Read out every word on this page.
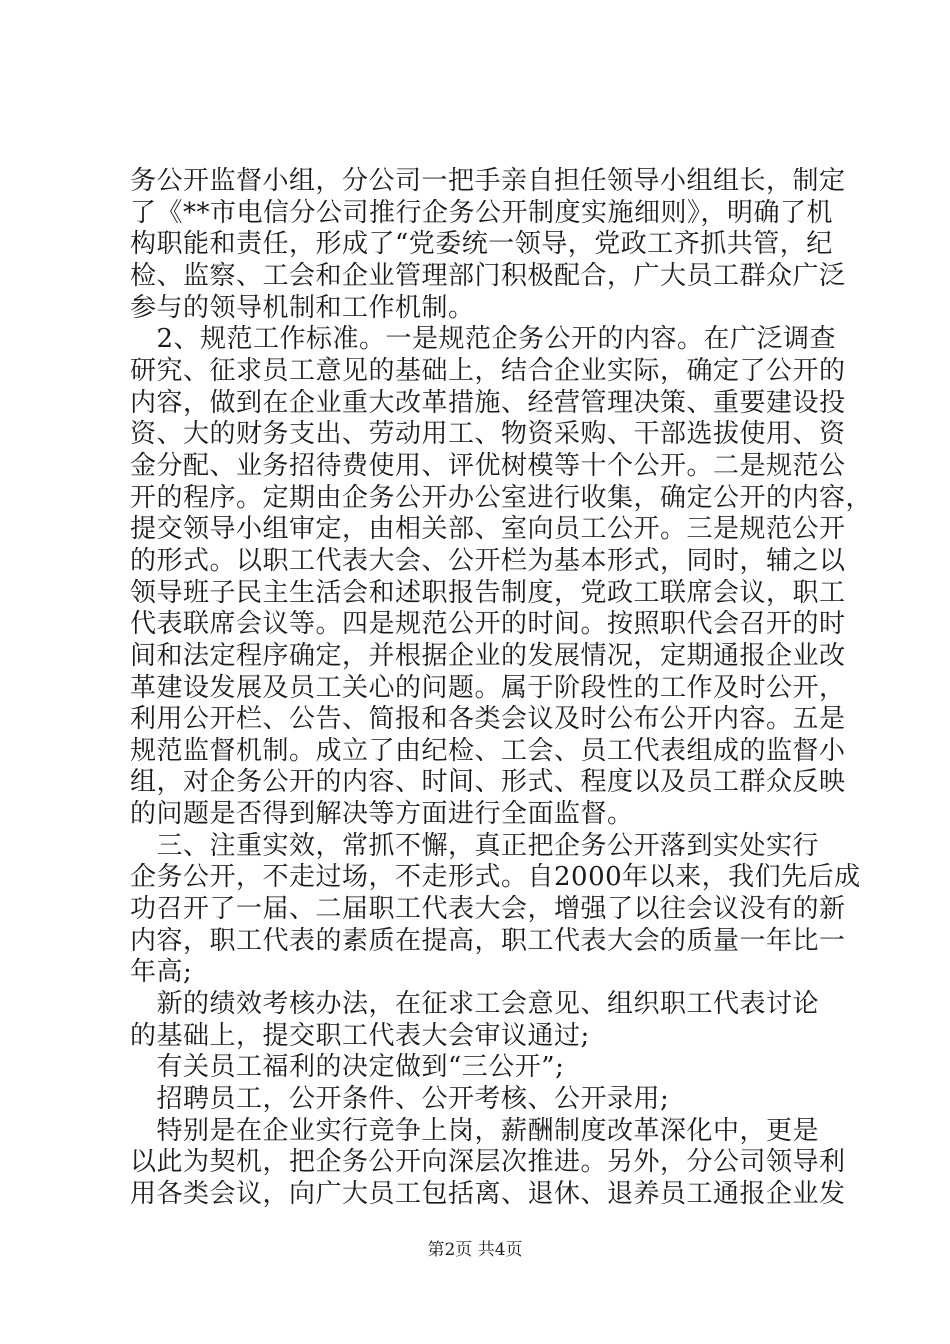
务公开监督小组，分公司一把手亲自担任领导小组组长，制定
了《**市电信分公司推行企务公开制度实施细则》，明确了机
构职能和责任，形成了“党委统一领导，党政工齐抓共管，纪
检、监察、工会和企业管理部门积极配合，广大员工群众广泛
参与的领导机制和工作机制。
　2、规范工作标准。一是规范企务公开的内容。在广泛调查
研究、征求员工意见的基础上，结合企业实际，确定了公开的
内容，做到在企业重大改革措施、经营管理决策、重要建设投
资、大的财务支出、劳动用工、物资采购、干部选拔使用、资
金分配、业务招待费使用、评优树模等十个公开。二是规范公
开的程序。定期由企务公开办公室进行收集，确定公开的内容，
提交领导小组审定，由相关部、室向员工公开。三是规范公开
的形式。以职工代表大会、公开栏为基本形式，同时，辅之以
领导班子民主生活会和述职报告制度，党政工联席会议，职工
代表联席会议等。四是规范公开的时间。按照职代会召开的时
间和法定程序确定，并根据企业的发展情况，定期通报企业改
革建设发展及员工关心的问题。属于阶段性的工作及时公开，
利用公开栏、公告、简报和各类会议及时公布公开内容。五是
规范监督机制。成立了由纪检、工会、员工代表组成的监督小
组，对企务公开的内容、时间、形式、程度以及员工群众反映
的问题是否得到解决等方面进行全面监督。
　三、注重实效，常抓不懈，真正把企务公开落到实处实行
企务公开，不走过场，不走形式。自2000年以来，我们先后成
功召开了一届、二届职工代表大会，增强了以往会议没有的新
内容，职工代表的素质在提高，职工代表大会的质量一年比一
年高;
　新的绩效考核办法，在征求工会意见、组织职工代表讨论
的基础上，提交职工代表大会审议通过;
　有关员工福利的决定做到“三公开”;
　招聘员工，公开条件、公开考核、公开录用;
　特别是在企业实行竞争上岗，薪酬制度改革深化中，更是
以此为契机，把企务公开向深层次推进。另外，分公司领导利
用各类会议，向广大员工包括离、退休、退养员工通报企业发
第2页 共4页
